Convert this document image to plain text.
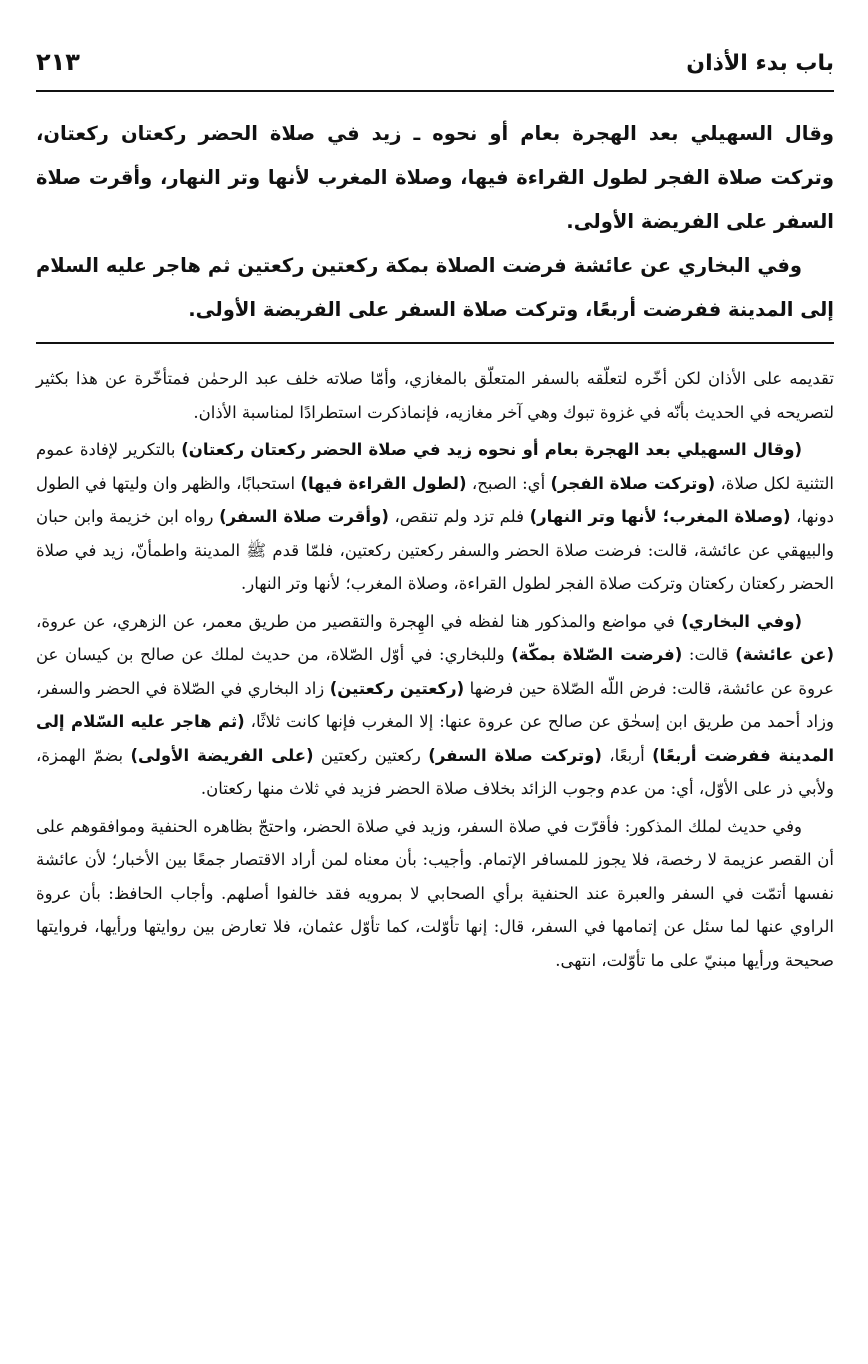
باب بدء الأذان
٢١٣

وقال السهيلي بعد الهجرة بعام أو نحوه ـ زيد في صلاة الحضر ركعتان ركعتان، وتركت صلاة الفجر لطول القراءة فيها، وصلاة المغرب لأنها وتر النهار، وأقرت صلاة السفر على الفريضة الأولى.

وفي البخاري عن عائشة فرضت الصلاة بمكة ركعتين ركعتين ثم هاجر عليه السلام إلى المدينة ففرضت أربعًا، وتركت صلاة السفر على الفريضة الأولى.

تقديمه على الأذان لكن أخّره لتعلّقه بالسفر المتعلّق بالمغازي، وأمّا صلاته خلف عبد الرحمٰن فمتأخّرة عن هذا بكثير لتصريحه في الحديث بأنّه في غزوة تبوك وهي آخر مغازيه، فإنماذكرت استطرادًا لمناسبة الأذان.

(وقال السهيلي بعد الهجرة بعام أو نحوه زيد في صلاة الحضر ركعتان ركعتان) بالتكرير لإفادة عموم التثنية لكل صلاة، (وتركت صلاة الفجر) أي: الصبح، (لطول القراءة فيها) استحبابًا، والظهر وان وليتها في الطول دونها، (وصلاة المغرب؛ لأنها وتر النهار) فلم تزد ولم تنقص، (وأقرت صلاة السفر) رواه ابن خزيمة وابن حبان والبيهقي عن عائشة، قالت: فرضت صلاة الحضر والسفر ركعتين ركعتين، فلمّا قدم ﷺ المدينة واطمأنّ، زيد في صلاة الحضر ركعتان ركعتان وتركت صلاة الفجر لطول القراءة، وصلاة المغرب؛ لأنها وتر النهار.

(وفي البخاري) في مواضع والمذكور هنا لفظه في الهِجرة والتقصير من طريق معمر، عن الزهري، عن عروة، (عن عائشة) قالت: (فرضت الصّلاة بمكّة) وللبخاري: في أوّل الصّلاة، من حديث لملك عن صالح بن كيسان عن عروة عن عائشة، قالت: فرض اللّه الصّلاة حين فرضها (ركعتين ركعتين) زاد البخاري في الصّلاة في الحضر والسفر، وزاد أحمد من طريق ابن إسحٰق عن صالح عن عروة عنها: إلا المغرب فإنها كانت ثلاثًا، (ثم هاجر عليه السّلام إلى المدينة ففرضت أربعًا) أربعًا، (وتركت صلاة السفر) ركعتين ركعتين (على الفريضة الأولى) بضمّ الهمزة، ولأبي ذر على الأوّل، أي: من عدم وجوب الزائد بخلاف صلاة الحضر فزيد في ثلاث منها ركعتان.

وفي حديث لملك المذكور: فأقرّت في صلاة السفر، وزيد في صلاة الحضر، واحتجّ بظاهره الحنفية وموافقوهم على أن القصر عزيمة لا رخصة، فلا يجوز للمسافر الإتمام. وأجيب: بأن معناه لمن أراد الاقتصار جمعًا بين الأخبار؛ لأن عائشة نفسها أتمّت في السفر والعبرة عند الحنفية برأي الصحابي لا بمرويه فقد خالفوا أصلهم. وأجاب الحافظ: بأن عروة الراوي عنها لما سئل عن إتمامها في السفر، قال: إنها تأوّلت، كما تأوّل عثمان، فلا تعارض بين روايتها ورأيها، فروايتها صحيحة ورأيها مبنيّ على ما تأوّلت، انتهى.
